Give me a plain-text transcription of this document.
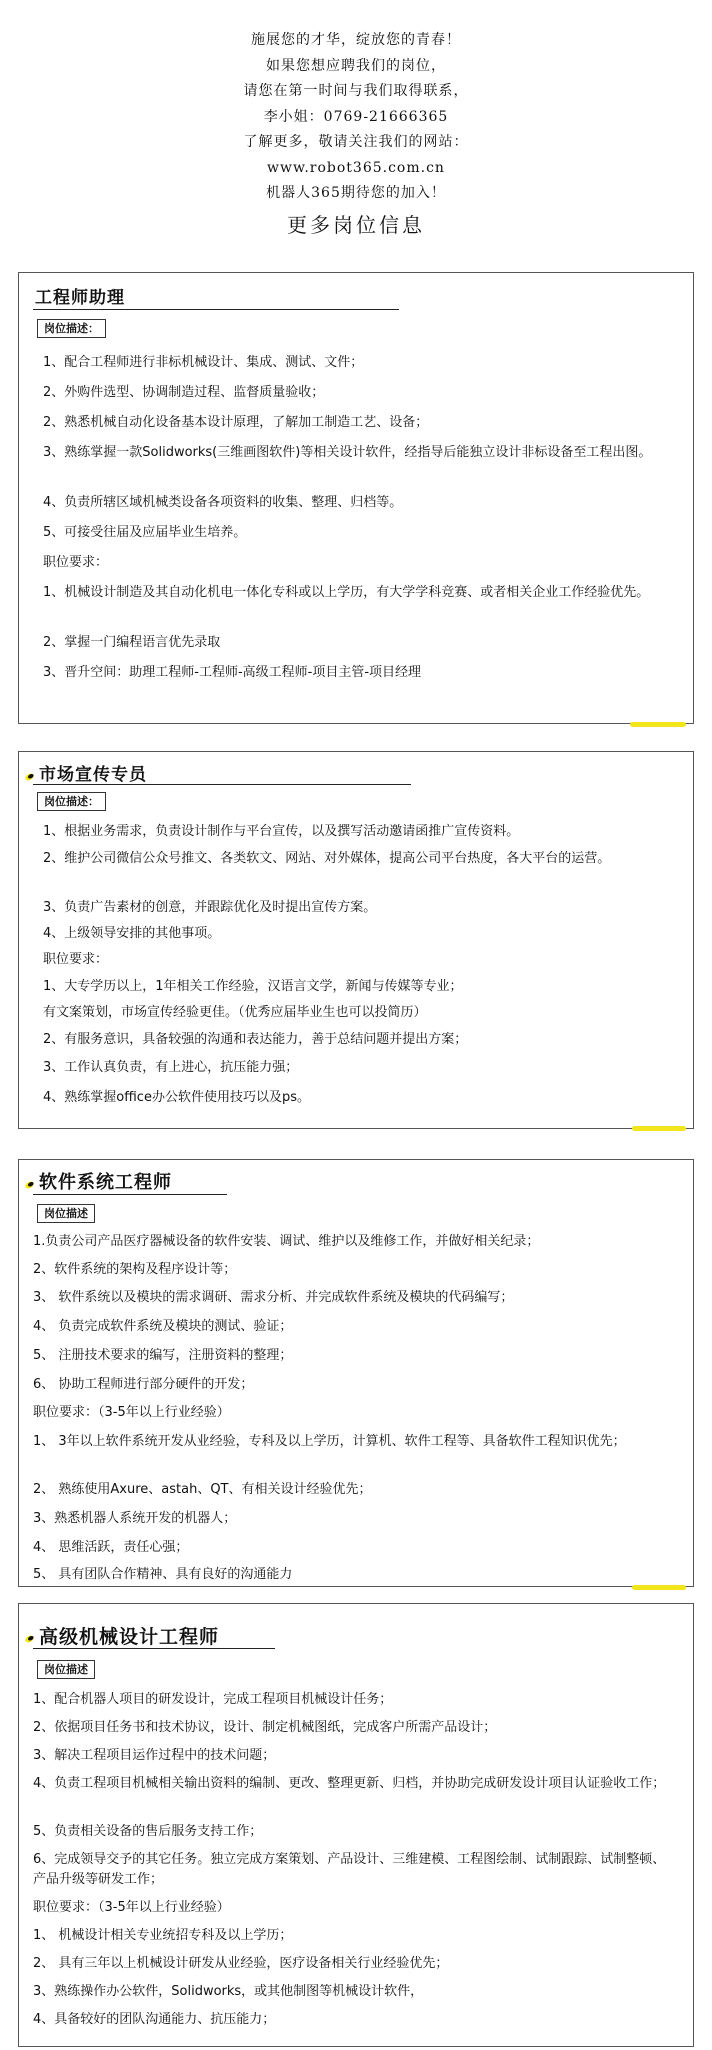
施展您的才华，绽放您的青春！
如果您想应聘我们的岗位，
请您在第一时间与我们取得联系，
李小姐：0769-21666365
了解更多，敬请关注我们的网站：
www.robot365.com.cn
机器人365期待您的加入！
更多岗位信息
工程师助理
岗位描述：
1、配合工程师进行非标机械设计、集成、测试、文件；
2、外购件选型、协调制造过程、监督质量验收；
2、熟悉机械自动化设备基本设计原理，了解加工制造工艺、设备；
3、熟练掌握一款Solidworks(三维画图软件)等相关设计软件，经指导后能独立设计非标设备至工程出图。
4、负责所辖区域机械类设备各项资料的收集、整理、归档等。
5、可接受往届及应届毕业生培养。
职位要求：
1、机械设计制造及其自动化机电一体化专科或以上学历，有大学学科竞赛、或者相关企业工作经验优先。
2、掌握一门编程语言优先录取
3、晋升空间：助理工程师-工程师-高级工程师-项目主管-项目经理
市场宣传专员
岗位描述：
1、根据业务需求，负责设计制作与平台宣传，以及撰写活动邀请函推广宣传资料。
2、维护公司微信公众号推文、各类软文、网站、对外媒体，提高公司平台热度，各大平台的运营。
3、负责广告素材的创意，并跟踪优化及时提出宣传方案。
4、上级领导安排的其他事项。
职位要求：
1、大专学历以上，1年相关工作经验，汉语言文学，新闻与传媒等专业；
有文案策划，市场宣传经验更佳。（优秀应届毕业生也可以投简历）
2、有服务意识，具备较强的沟通和表达能力，善于总结问题并提出方案；
3、工作认真负责，有上进心，抗压能力强；
4、熟练掌握office办公软件使用技巧以及ps。
软件系统工程师
岗位描述
1.负责公司产品医疗器械设备的软件安装、调试、维护以及维修工作，并做好相关纪录；
2、软件系统的架构及程序设计等；
3、 软件系统以及模块的需求调研、需求分析、并完成软件系统及模块的代码编写；
4、 负责完成软件系统及模块的测试、验证；
5、 注册技术要求的编写，注册资料的整理；
6、 协助工程师进行部分硬件的开发；
职位要求：（3-5年以上行业经验）
1、 3年以上软件系统开发从业经验，专科及以上学历，计算机、软件工程等、具备软件工程知识优先；
2、 熟练使用Axure、astah、QT、有相关设计经验优先；
3、熟悉机器人系统开发的机器人；
4、 思维活跃，责任心强；
5、 具有团队合作精神、具有良好的沟通能力
高级机械设计工程师
岗位描述
1、配合机器人项目的研发设计，完成工程项目机械设计任务；
2、依据项目任务书和技术协议，设计、制定机械图纸，完成客户所需产品设计；
3、解决工程项目运作过程中的技术问题；
4、负责工程项目机械相关输出资料的编制、更改、整理更新、归档，并协助完成研发设计项目认证验收工作；
5、负责相关设备的售后服务支持工作；
6、完成领导交予的其它任务。独立完成方案策划、产品设计、三维建模、工程图绘制、试制跟踪、试制整顿、产品升级等研发工作；
职位要求：（3-5年以上行业经验）
1、 机械设计相关专业统招专科及以上学历；
2、 具有三年以上机械设计研发从业经验，医疗设备相关行业经验优先；
3、熟练操作办公软件，Solidworks，或其他制图等机械设计软件，
4、具备较好的团队沟通能力、抗压能力；
